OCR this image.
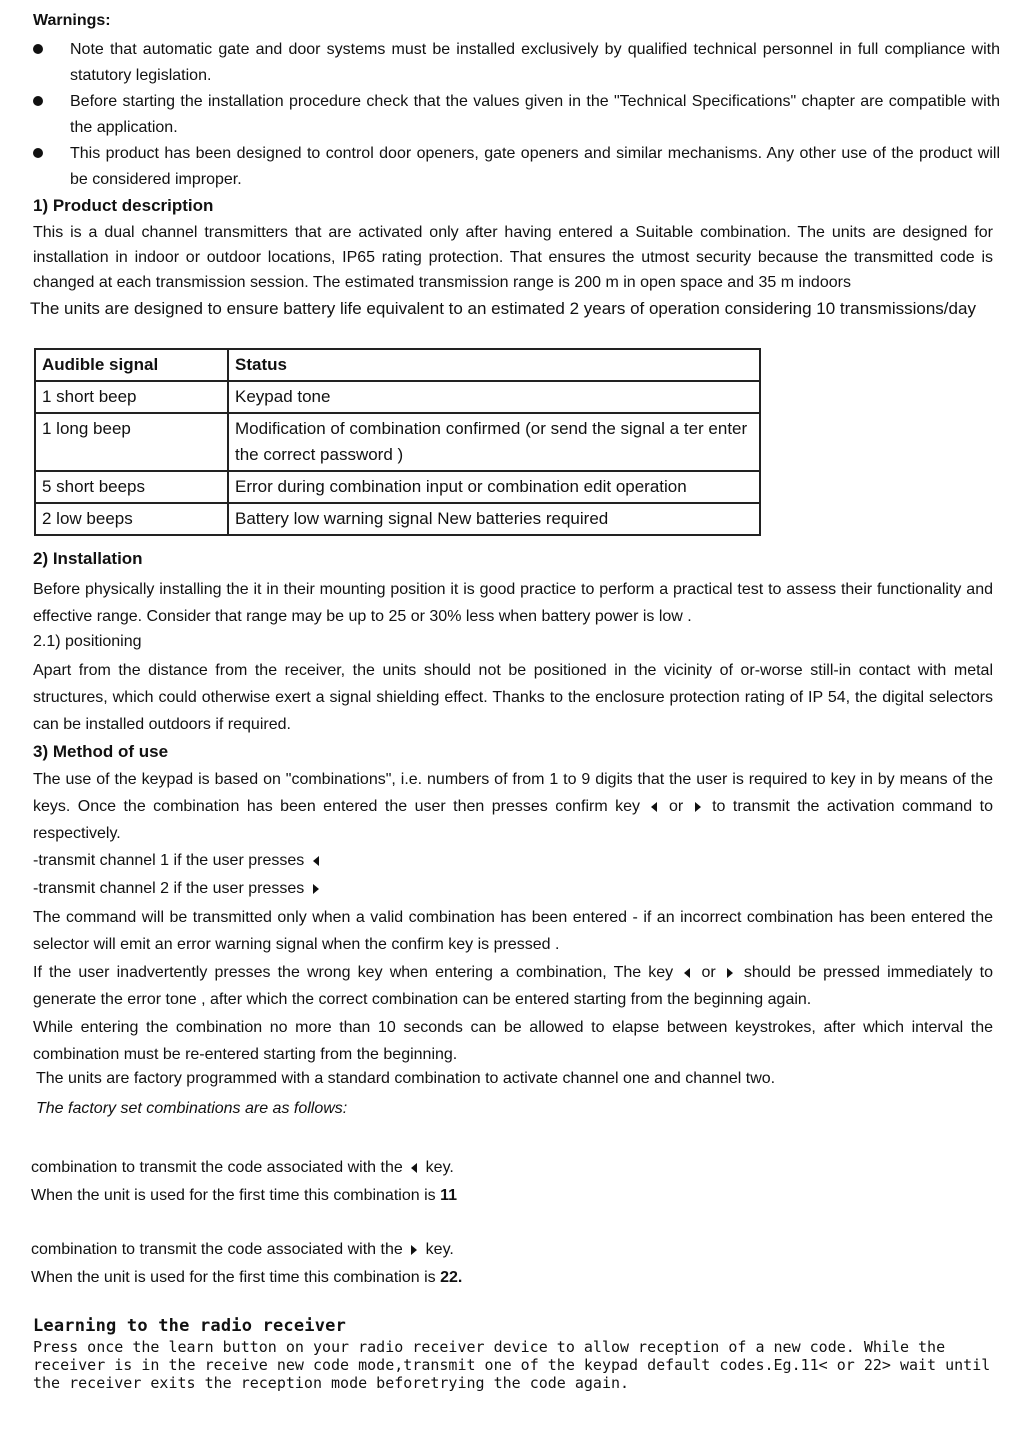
Warnings:
Note that automatic gate and door systems must be installed exclusively by qualified technical personnel in full compliance with statutory legislation.
Before starting the installation procedure check that the values given in the "Technical Specifications" chapter are compatible with the application.
This product has been designed to control door openers, gate openers and similar mechanisms. Any other use of the product will be considered improper.
1) Product description
This is a dual channel transmitters that are activated only after having entered a Suitable combination. The units are designed for installation in indoor or outdoor locations, IP65 rating protection. That ensures the utmost security because the transmitted code is changed at each transmission session. The estimated transmission range is 200 m in open space and 35 m indoors
The units are designed to ensure battery life equivalent to an estimated 2 years of operation considering 10 transmissions/day
Audible signal	Status
1 short beep	Keypad tone
1 long beep	Modification of combination confirmed (or send the signal a ter enter the correct password )
5 short beeps	Error during combination input or combination edit operation
2 low beeps	Battery low warning signal New batteries required
2) Installation
Before physically installing the it in their mounting position it is good practice to perform a practical test to assess their functionality and effective range. Consider that range may be up to 25 or 30% less when battery power is low .
2.1) positioning
Apart from the distance from the receiver, the units should not be positioned in the vicinity of or-worse still-in contact with metal structures, which could otherwise exert a signal shielding effect. Thanks to the enclosure protection rating of IP 54, the digital selectors can be installed outdoors if required.
3) Method of use
The use of the keypad is based on "combinations", i.e. numbers of from 1 to 9 digits that the user is required to key in by means of the keys. Once the combination has been entered the user then presses confirm key or to transmit the activation command to respectively.
-transmit channel 1 if the user presses
-transmit channel 2 if the user presses
The command will be transmitted only when a valid combination has been entered - if an incorrect combination has been entered the selector will emit an error warning signal when the confirm key is pressed .
If the user inadvertently presses the wrong key when entering a combination, The key or should be pressed immediately to generate the error tone , after which the correct combination can be entered starting from the beginning again.
While entering the combination no more than 10 seconds can be allowed to elapse between keystrokes, after which interval the combination must be re-entered starting from the beginning.
The units are factory programmed with a standard combination to activate channel one and channel two.
The factory set combinations are as follows:
combination to transmit the code associated with the key.
When the unit is used for the first time this combination is 11
combination to transmit the code associated with the key.
When the unit is used for the first time this combination is 22.
Learning to the radio receiver
Press once the learn button on your radio receiver device to allow reception of a new code. While the receiver is in the receive new code mode,transmit one of the keypad default codes.Eg.11< or 22> wait until the receiver exits the reception mode beforetrying the code again.
